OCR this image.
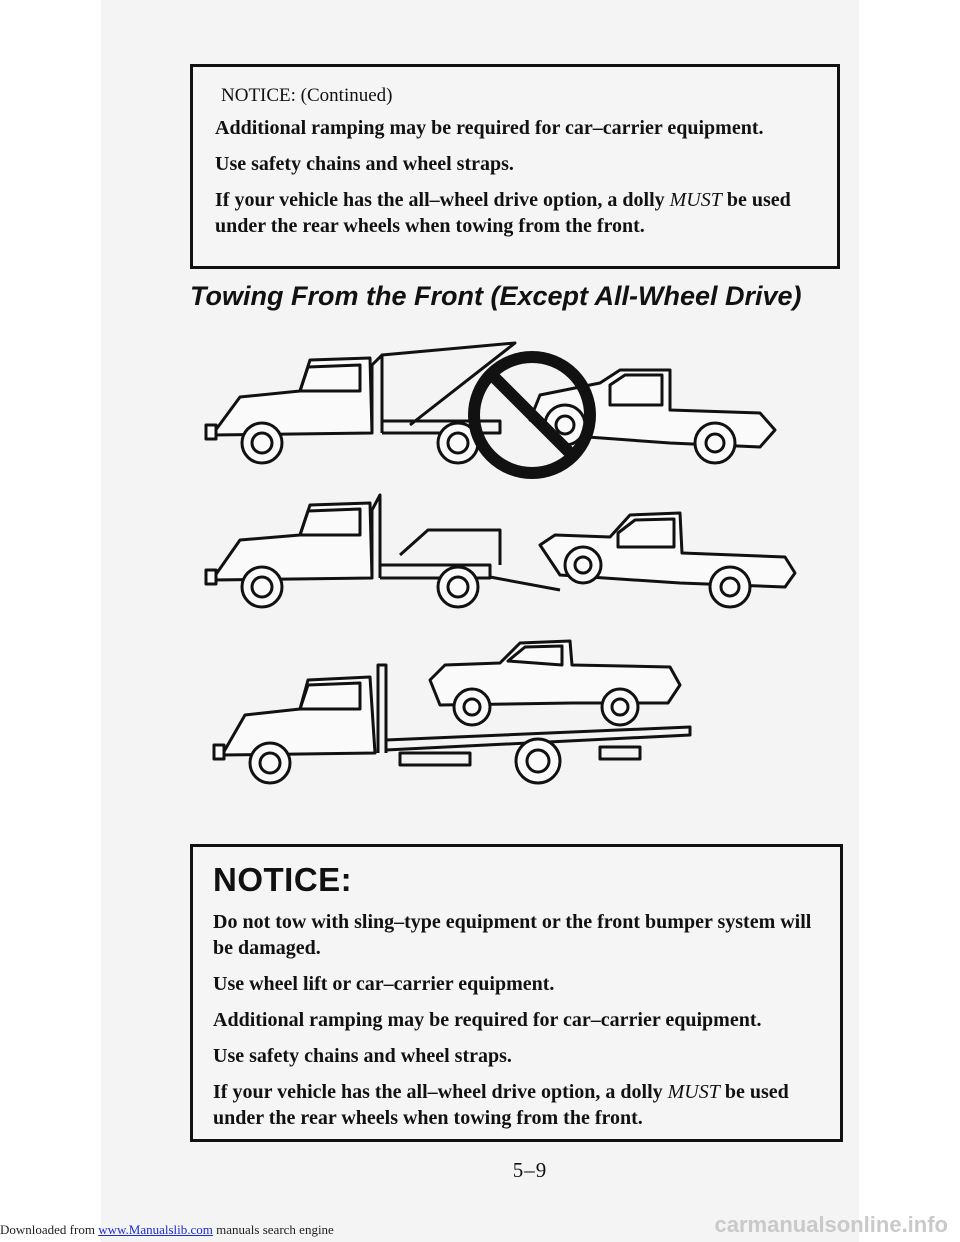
NOTICE: (Continued)

Additional ramping may be required for car–carrier equipment.

Use safety chains and wheel straps.

If your vehicle has the all–wheel drive option, a dolly MUST be used under the rear wheels when towing from the front.

Towing From the Front (Except All-Wheel Drive)

NOTICE:

Do not tow with sling–type equipment or the front bumper system will be damaged.

Use wheel lift or car–carrier equipment.

Additional ramping may be required for car–carrier equipment.

Use safety chains and wheel straps.

If your vehicle has the all–wheel drive option, a dolly MUST be used under the rear wheels when towing from the front.

5–9
Downloaded from www.Manualslib.com manuals search engine	carmanualsonline.info
